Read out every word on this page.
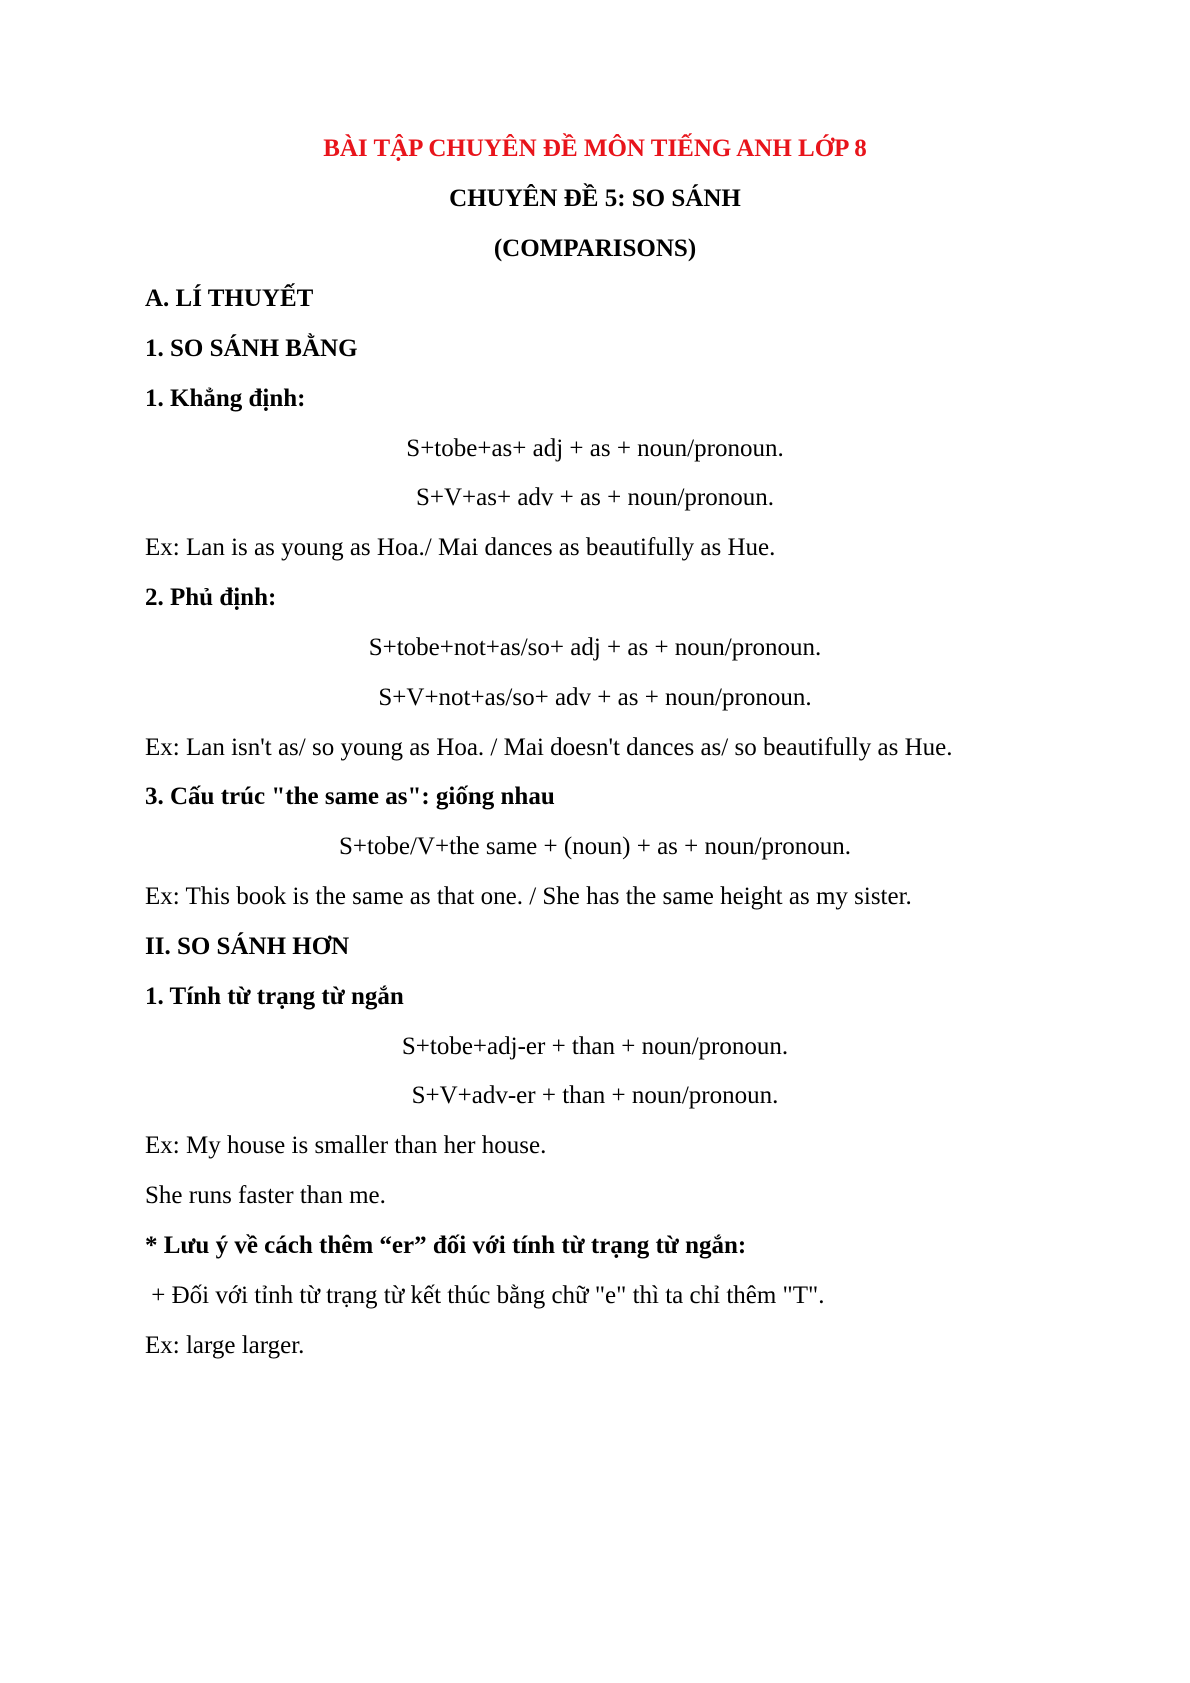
BÀI TẬP CHUYÊN ĐỀ MÔN TIẾNG ANH LỚP 8
CHUYÊN ĐỀ 5: SO SÁNH
(COMPARISONS)
A. LÍ THUYẾT
1. SO SÁNH BẰNG
1. Khẳng định:
S+tobe+as+ adj + as + noun/pronoun.
S+V+as+ adv + as + noun/pronoun.
Ex: Lan is as young as Hoa./ Mai dances as beautifully as Hue.
2. Phủ định:
S+tobe+not+as/so+ adj + as + noun/pronoun.
S+V+not+as/so+ adv + as + noun/pronoun.
Ex: Lan isn't as/ so young as Hoa. / Mai doesn't dances as/ so beautifully as Hue.
3. Cấu trúc "the same as": giống nhau
S+tobe/V+the same + (noun) + as + noun/pronoun.
Ex: This book is the same as that one. / She has the same height as my sister.
II. SO SÁNH HƠN
1. Tính từ trạng từ ngắn
S+tobe+adj-er + than + noun/pronoun.
S+V+adv-er + than + noun/pronoun.
Ex: My house is smaller than her house.
She runs faster than me.
* Lưu ý về cách thêm “er” đối với tính từ trạng từ ngắn:
+ Đối với tỉnh từ trạng từ kết thúc bằng chữ "e" thì ta chỉ thêm "T".
Ex: large larger.
